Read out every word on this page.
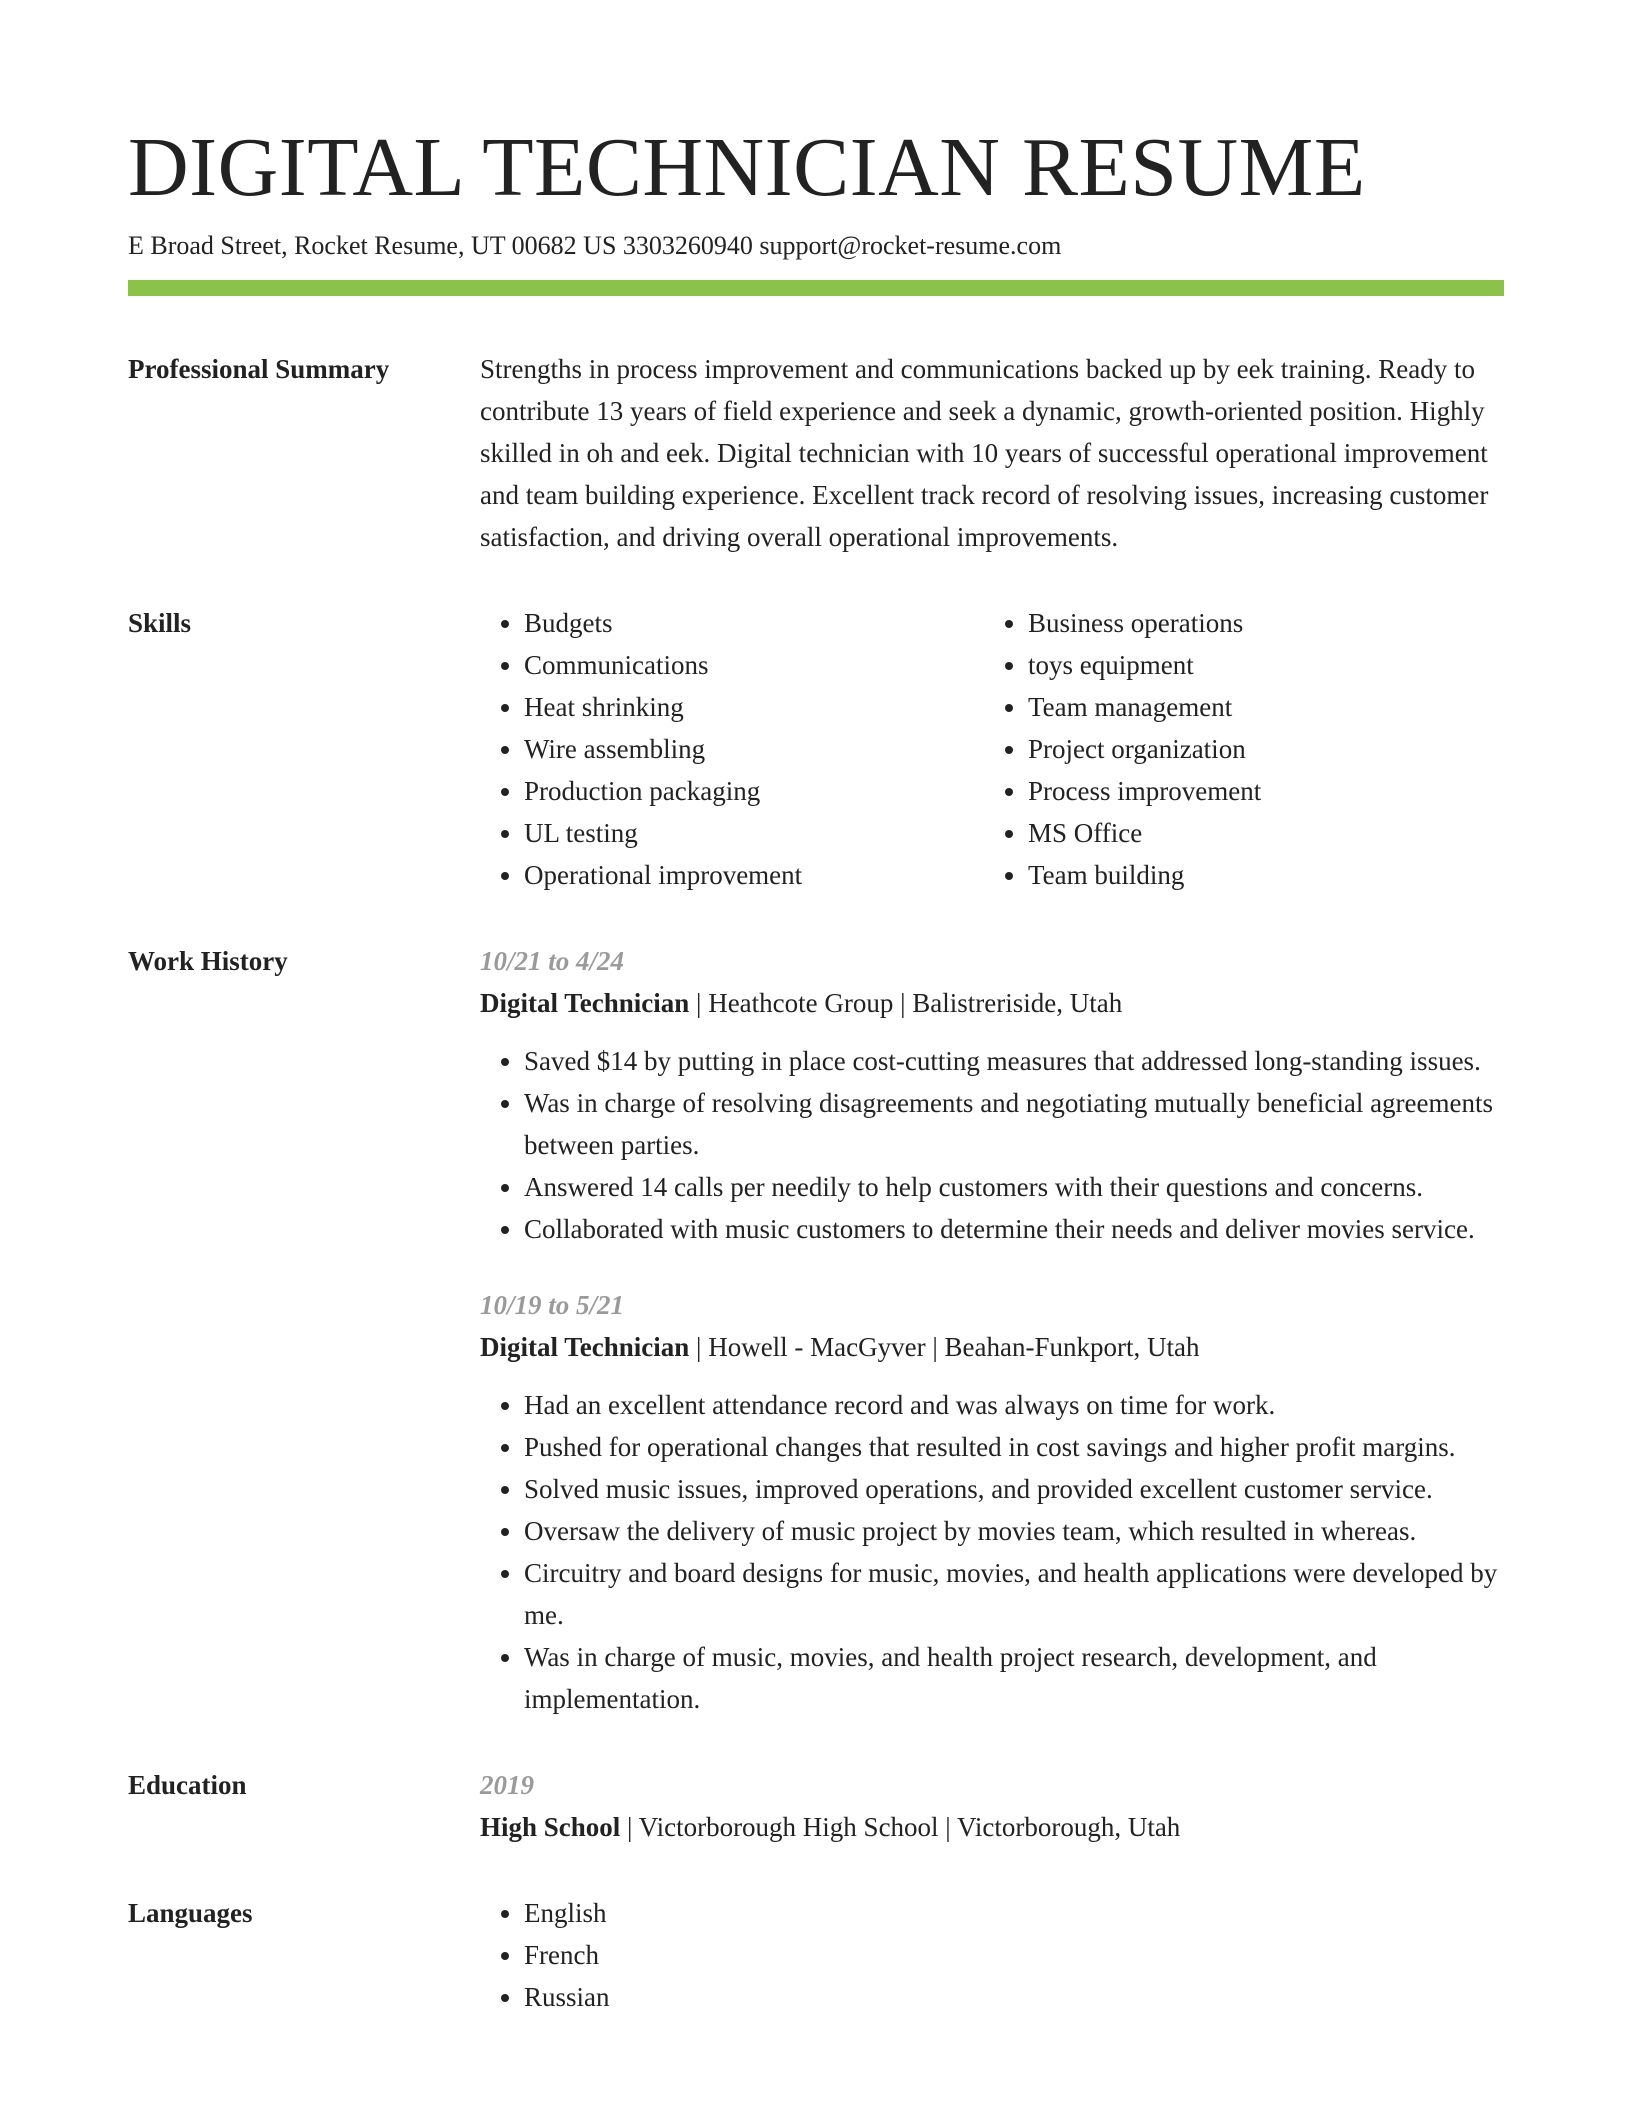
DIGITAL TECHNICIAN RESUME
E Broad Street, Rocket Resume, UT 00682 US 3303260940 support@rocket-resume.com
Professional Summary	Strengths in process improvement and communications backed up by eek training. Ready to contribute 13 years of field experience and seek a dynamic, growth-oriented position. Highly skilled in oh and eek. Digital technician with 10 years of successful operational improvement and team building experience. Excellent track record of resolving issues, increasing customer satisfaction, and driving overall operational improvements.

Skills	• Budgets
• Communications
• Heat shrinking
• Wire assembling
• Production packaging
• UL testing
• Operational improvement
• Business operations
• toys equipment
• Team management
• Project organization
• Process improvement
• MS Office
• Team building
Work History	10/21 to 4/24
Digital Technician | Heathcote Group | Balistreriside, Utah
• Saved $14 by putting in place cost-cutting measures that addressed long-standing issues.
• Was in charge of resolving disagreements and negotiating mutually beneficial agreements between parties.
• Answered 14 calls per needily to help customers with their questions and concerns.
• Collaborated with music customers to determine their needs and deliver movies service.
10/19 to 5/21
Digital Technician | Howell - MacGyver | Beahan-Funkport, Utah
• Had an excellent attendance record and was always on time for work.
• Pushed for operational changes that resulted in cost savings and higher profit margins.
• Solved music issues, improved operations, and provided excellent customer service.
• Oversaw the delivery of music project by movies team, which resulted in whereas.
• Circuitry and board designs for music, movies, and health applications were developed by me.
• Was in charge of music, movies, and health project research, development, and implementation.
Education	2019
High School | Victorborough High School | Victorborough, Utah
Languages	• English
• French
• Russian
